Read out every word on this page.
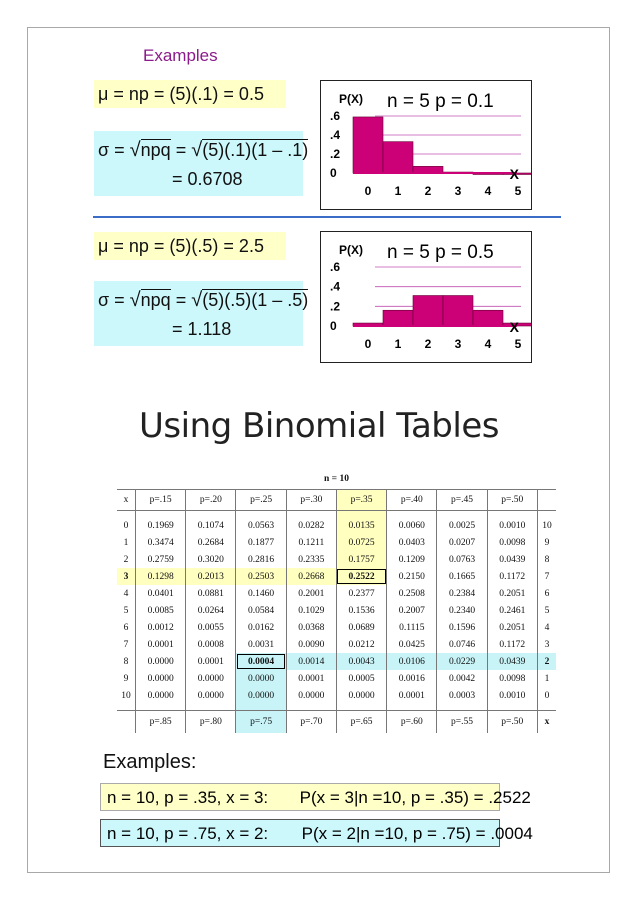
Examples
μ = np = (5)(.1) = 0.5
σ = √npq = √(5)(.1)(1 – .1)
= 0.6708
.6
.4
.2
0
0 1 2 3 4 5
P(X)
X
n = 5 p = 0.1
μ = np = (5)(.5) = 2.5
σ = √npq = √(5)(.5)(1 – .5)
= 1.118
.6
.4
.2
0
0 1 2 3 4 5
P(X)
X
n = 5 p = 0.5
Using Binomial Tables
n = 10									
x	p=.15	p=.20	p=.25	p=.30	p=.35	p=.40	p=.45	p=.50	

0	0.1969	0.1074	0.0563	0.0282	0.0135	0.0060	0.0025	0.0010	10
1	0.3474	0.2684	0.1877	0.1211	0.0725	0.0403	0.0207	0.0098	9
2	0.2759	0.3020	0.2816	0.2335	0.1757	0.1209	0.0763	0.0439	8
3	0.1298	0.2013	0.2503	0.2668	0.2522	0.2150	0.1665	0.1172	7
4	0.0401	0.0881	0.1460	0.2001	0.2377	0.2508	0.2384	0.2051	6
5	0.0085	0.0264	0.0584	0.1029	0.1536	0.2007	0.2340	0.2461	5
6	0.0012	0.0055	0.0162	0.0368	0.0689	0.1115	0.1596	0.2051	4
7	0.0001	0.0008	0.0031	0.0090	0.0212	0.0425	0.0746	0.1172	3
8	0.0000	0.0001	0.0004	0.0014	0.0043	0.0106	0.0229	0.0439	2
9	0.0000	0.0000	0.0000	0.0001	0.0005	0.0016	0.0042	0.0098	1
10	0.0000	0.0000	0.0000	0.0000	0.0000	0.0001	0.0003	0.0010	0

	p=.85	p=.80	p=.75	p=.70	p=.65	p=.60	p=.55	p=.50	x
Examples:
n = 10, p = .35, x = 3: P(x = 3|n =10, p = .35) = .2522
n = 10, p = .75, x = 2: P(x = 2|n =10, p = .75) = .0004
